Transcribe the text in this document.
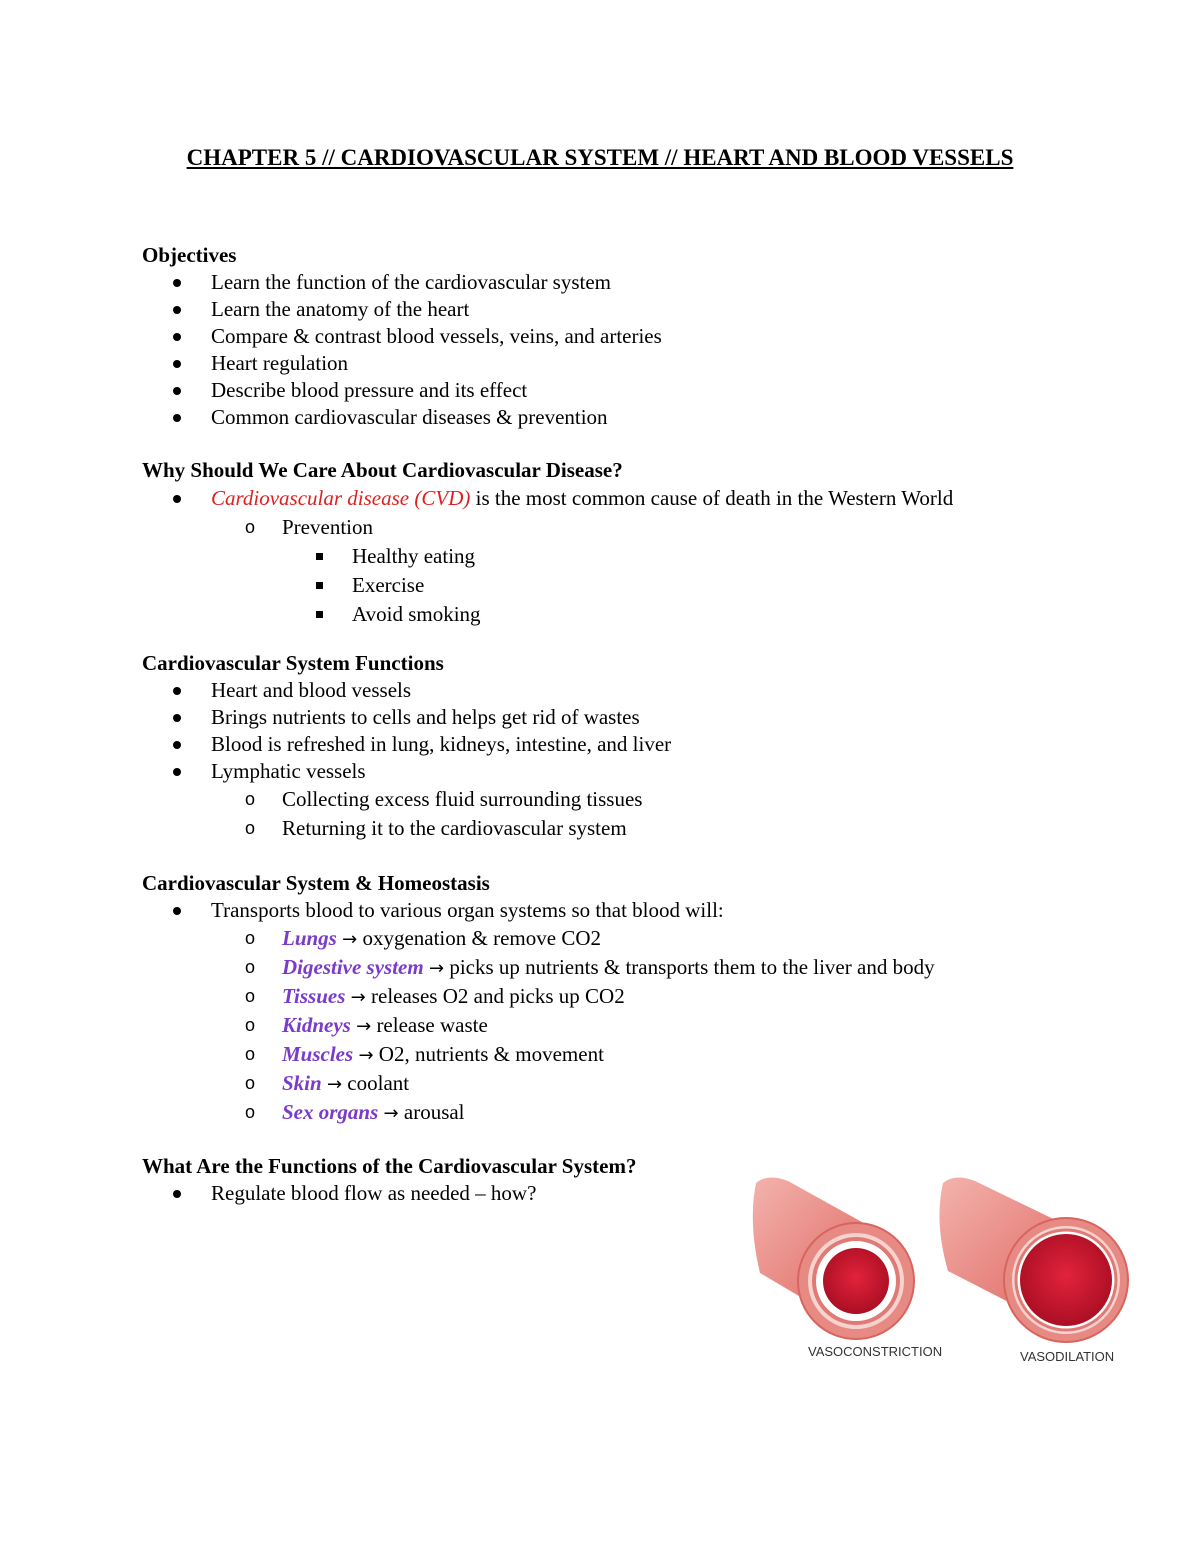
CHAPTER 5 // CARDIOVASCULAR SYSTEM // HEART AND BLOOD VESSELS
Objectives
Learn the function of the cardiovascular system
Learn the anatomy of the heart
Compare & contrast blood vessels, veins, and arteries
Heart regulation
Describe blood pressure and its effect
Common cardiovascular diseases & prevention
Why Should We Care About Cardiovascular Disease?
Cardiovascular disease (CVD) is the most common cause of death in the Western World
o Prevention
Healthy eating
Exercise
Avoid smoking
Cardiovascular System Functions
Heart and blood vessels
Brings nutrients to cells and helps get rid of wastes
Blood is refreshed in lung, kidneys, intestine, and liver
Lymphatic vessels
o Collecting excess fluid surrounding tissues
o Returning it to the cardiovascular system
Cardiovascular System & Homeostasis
Transports blood to various organ systems so that blood will:
o Lungs → oxygenation & remove CO2
o Digestive system → picks up nutrients & transports them to the liver and body
o Tissues → releases O2 and picks up CO2
o Kidneys → release waste
o Muscles → O2, nutrients & movement
o Skin → coolant
o Sex organs → arousal
What Are the Functions of the Cardiovascular System?
Regulate blood flow as needed – how?
VASOCONSTRICTION	VASODILATION
